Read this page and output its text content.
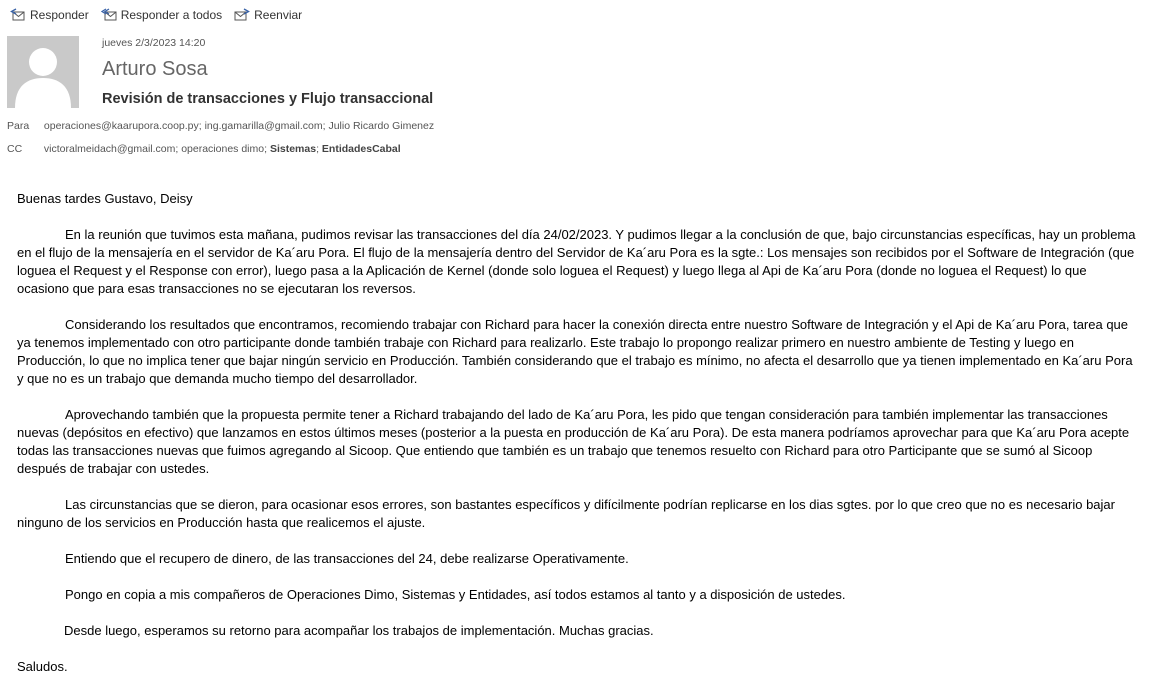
Responder	Responder a todos	Reenviar
jueves 2/3/2023 14:20
Arturo Sosa
Revisión de transacciones y Flujo transaccional
Para operaciones@kaarupora.coop.py; ing.gamarilla@gmail.com; Julio Ricardo Gimenez
CC victoralmeidach@gmail.com; operaciones dimo; Sistemas; EntidadesCabal

Buenas tardes Gustavo, Deisy

En la reunión que tuvimos esta mañana, pudimos revisar las transacciones del día 24/02/2023. Y pudimos llegar a la conclusión de que, bajo circunstancias específicas, hay un problema en el flujo de la mensajería en el servidor de Ka´aru Pora. El flujo de la mensajería dentro del Servidor de Ka´aru Pora es la sgte.: Los mensajes son recibidos por el Software de Integración (que loguea el Request y el Response con error), luego pasa a la Aplicación de Kernel (donde solo loguea el Request) y luego llega al Api de Ka´aru Pora (donde no loguea el Request) lo que ocasiono que para esas transacciones no se ejecutaran los reversos.

Considerando los resultados que encontramos, recomiendo trabajar con Richard para hacer la conexión directa entre nuestro Software de Integración y el Api de Ka´aru Pora, tarea que ya tenemos implementado con otro participante donde también trabaje con Richard para realizarlo. Este trabajo lo propongo realizar primero en nuestro ambiente de Testing y luego en Producción, lo que no implica tener que bajar ningún servicio en Producción. También considerando que el trabajo es mínimo, no afecta el desarrollo que ya tienen implementado en Ka´aru Pora y que no es un trabajo que demanda mucho tiempo del desarrollador.

Aprovechando también que la propuesta permite tener a Richard trabajando del lado de Ka´aru Pora, les pido que tengan consideración para también implementar las transacciones nuevas (depósitos en efectivo) que lanzamos en estos últimos meses (posterior a la puesta en producción de Ka´aru Pora). De esta manera podríamos aprovechar para que Ka´aru Pora acepte todas las transacciones nuevas que fuimos agregando al Sicoop. Que entiendo que también es un trabajo que tenemos resuelto con Richard para otro Participante que se sumó al Sicoop después de trabajar con ustedes.

Las circunstancias que se dieron, para ocasionar esos errores, son bastantes específicos y difícilmente podrían replicarse en los dias sgtes. por lo que creo que no es necesario bajar ninguno de los servicios en Producción hasta que realicemos el ajuste.

Entiendo que el recupero de dinero, de las transacciones del 24, debe realizarse Operativamente.

Pongo en copia a mis compañeros de Operaciones Dimo, Sistemas y Entidades, así todos estamos al tanto y a disposición de ustedes.

Desde luego, esperamos su retorno para acompañar los trabajos de implementación. Muchas gracias.

Saludos.
